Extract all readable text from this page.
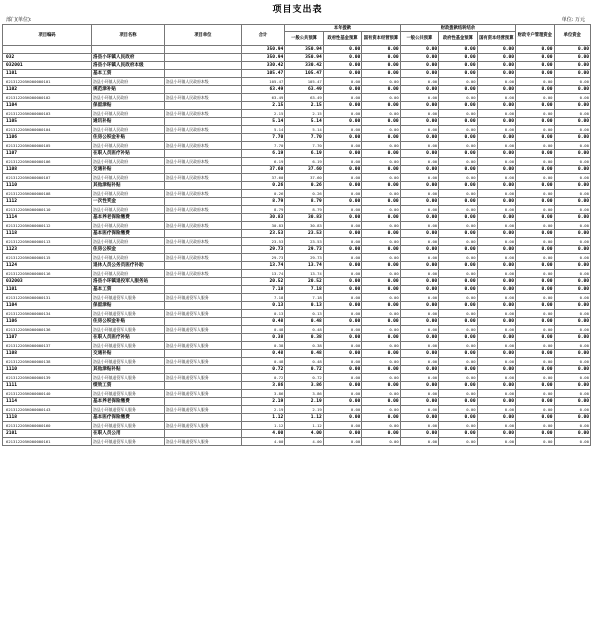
项目支出表
部门(单位):	单位: 万元
项目编码	项目名称	项目单位	合计	本年拨款			财政拨款结转结余			财政专户管理资金	单位资金
				一般公共预算	政府性基金预算	国有资本经营预算	一般公共预算	政府性基金预算	国有资本经营预算		
			350.94	350.94	0.00	0.00	0.00	0.00	0.00	0.00	0.00
032	洛县小环镇人民政府		350.94	350.94	0.00	0.00	0.00	0.00	0.00	0.00	0.00
032001	洛县小环镇人民政府本级		330.42	330.42	0.00	0.00	0.00	0.00	0.00	0.00	0.00
1101	基本工资		105.47	105.47	0.00	0.00	0.00	0.00	0.00	0.00	0.00
621312205K000000101	洛县小环镇人民政府	洛县小环镇人民政府本级	105.47	105.47	0.00	0.00	0.00	0.00	0.00	0.00	0.00
1102	规范津补贴		63.49	63.49	0.00	0.00	0.00	0.00	0.00	0.00	0.00
621312205K000000102	洛县小环镇人民政府	洛县小环镇人民政府本级	63.49	63.49	0.00	0.00	0.00	0.00	0.00	0.00	0.00
1104	保留津贴		2.15	2.15	0.00	0.00	0.00	0.00	0.00	0.00	0.00
621312205K000000103	洛县小环镇人民政府	洛县小环镇人民政府本级	2.15	2.15	0.00	0.00	0.00	0.00	0.00	0.00	0.00
1105	通讯补贴		5.14	5.14	0.00	0.00	0.00	0.00	0.00	0.00	0.00
621312205K000000104	洛县小环镇人民政府	洛县小环镇人民政府本级	5.14	5.14	0.00	0.00	0.00	0.00	0.00	0.00	0.00
1106	住房公积金补贴		7.70	7.70	0.00	0.00	0.00	0.00	0.00	0.00	0.00
621312205K000000105	洛县小环镇人民政府	洛县小环镇人民政府本级	7.70	7.70	0.00	0.00	0.00	0.00	0.00	0.00	0.00
1107	在职人员医疗补贴		6.19	6.19	0.00	0.00	0.00	0.00	0.00	0.00	0.00
621312205K000000106	洛县小环镇人民政府	洛县小环镇人民政府本级	6.19	6.19	0.00	0.00	0.00	0.00	0.00	0.00	0.00
1108	交通补贴		37.60	37.60	0.00	0.00	0.00	0.00	0.00	0.00	0.00
621312205K000000107	洛县小环镇人民政府	洛县小环镇人民政府本级	37.60	37.60	0.00	0.00	0.00	0.00	0.00	0.00	0.00
1110	其他津贴补贴		0.26	0.26	0.00	0.00	0.00	0.00	0.00	0.00	0.00
621312205K000000108	洛县小环镇人民政府	洛县小环镇人民政府本级	0.26	0.26	0.00	0.00	0.00	0.00	0.00	0.00	0.00
1112	一次性奖金		8.79	8.79	0.00	0.00	0.00	0.00	0.00	0.00	0.00
621312205K000000110	洛县小环镇人民政府	洛县小环镇人民政府本级	8.79	8.79	0.00	0.00	0.00	0.00	0.00	0.00	0.00
1114	基本养老保险缴费		30.83	30.83	0.00	0.00	0.00	0.00	0.00	0.00	0.00
621312205K000000112	洛县小环镇人民政府	洛县小环镇人民政府本级	30.83	30.83	0.00	0.00	0.00	0.00	0.00	0.00	0.00
1118	基本医疗保险缴费		23.53	23.53	0.00	0.00	0.00	0.00	0.00	0.00	0.00
621312205K000000113	洛县小环镇人民政府	洛县小环镇人民政府本级	23.53	23.53	0.00	0.00	0.00	0.00	0.00	0.00	0.00
1123	住房公积金		29.73	29.73	0.00	0.00	0.00	0.00	0.00	0.00	0.00
621312205K000000115	洛县小环镇人民政府	洛县小环镇人民政府本级	29.73	29.73	0.00	0.00	0.00	0.00	0.00	0.00	0.00
1124	退休人员公务员医疗补助		13.74	13.74	0.00	0.00	0.00	0.00	0.00	0.00	0.00
621312205K000000116	洛县小环镇人民政府	洛县小环镇人民政府本级	13.74	13.74	0.00	0.00	0.00	0.00	0.00	0.00	0.00
032003	洛县小环镇退役军人服务站		20.52	20.52	0.00	0.00	0.00	0.00	0.00	0.00	0.00
1101	基本工资		7.18	7.18	0.00	0.00	0.00	0.00	0.00	0.00	0.00
621312205K000000131	洛县小环镇退役军人服务	洛县小环镇退役军人服务	7.18	7.18	0.00	0.00	0.00	0.00	0.00	0.00	0.00
1104	保留津贴		0.13	0.13	0.00	0.00	0.00	0.00	0.00	0.00	0.00
621312205K000000134	洛县小环镇退役军人服务	洛县小环镇退役军人服务	0.13	0.13	0.00	0.00	0.00	0.00	0.00	0.00	0.00
1106	住房公积金补贴		0.48	0.48	0.00	0.00	0.00	0.00	0.00	0.00	0.00
621312205K000000136	洛县小环镇退役军人服务	洛县小环镇退役军人服务	0.48	0.48	0.00	0.00	0.00	0.00	0.00	0.00	0.00
1107	在职人员医疗补贴		0.38	0.38	0.00	0.00	0.00	0.00	0.00	0.00	0.00
621312205K000000137	洛县小环镇退役军人服务	洛县小环镇退役军人服务	0.38	0.38	0.00	0.00	0.00	0.00	0.00	0.00	0.00
1108	交通补贴		0.48	0.48	0.00	0.00	0.00	0.00	0.00	0.00	0.00
621312205K000000138	洛县小环镇退役军人服务	洛县小环镇退役军人服务	0.48	0.48	0.00	0.00	0.00	0.00	0.00	0.00	0.00
1110	其他津贴补贴		0.72	0.72	0.00	0.00	0.00	0.00	0.00	0.00	0.00
621312205K000000139	洛县小环镇退役军人服务	洛县小环镇退役军人服务	0.72	0.72	0.00	0.00	0.00	0.00	0.00	0.00	0.00
1111	绩效工资		3.86	3.86	0.00	0.00	0.00	0.00	0.00	0.00	0.00
621312205K000000140	洛县小环镇退役军人服务	洛县小环镇退役军人服务	3.86	3.86	0.00	0.00	0.00	0.00	0.00	0.00	0.00
1114	基本养老保险缴费		2.19	2.19	0.00	0.00	0.00	0.00	0.00	0.00	0.00
621312205K000000143	洛县小环镇退役军人服务	洛县小环镇退役军人服务	2.19	2.19	0.00	0.00	0.00	0.00	0.00	0.00	0.00
1118	基本医疗保险缴费		1.12	1.12	0.00	0.00	0.00	0.00	0.00	0.00	0.00
621312205K000000160	洛县小环镇退役军人服务	洛县小环镇退役军人服务	1.12	1.12	0.00	0.00	0.00	0.00	0.00	0.00	0.00
2101	在职人员公用		4.00	4.00	0.00	0.00	0.00	0.00	0.00	0.00	0.00
621312205K000000161	洛县小环镇退役军人服务	洛县小环镇退役军人服务	4.00	4.00	0.00	0.00	0.00	0.00	0.00	0.00	0.00
